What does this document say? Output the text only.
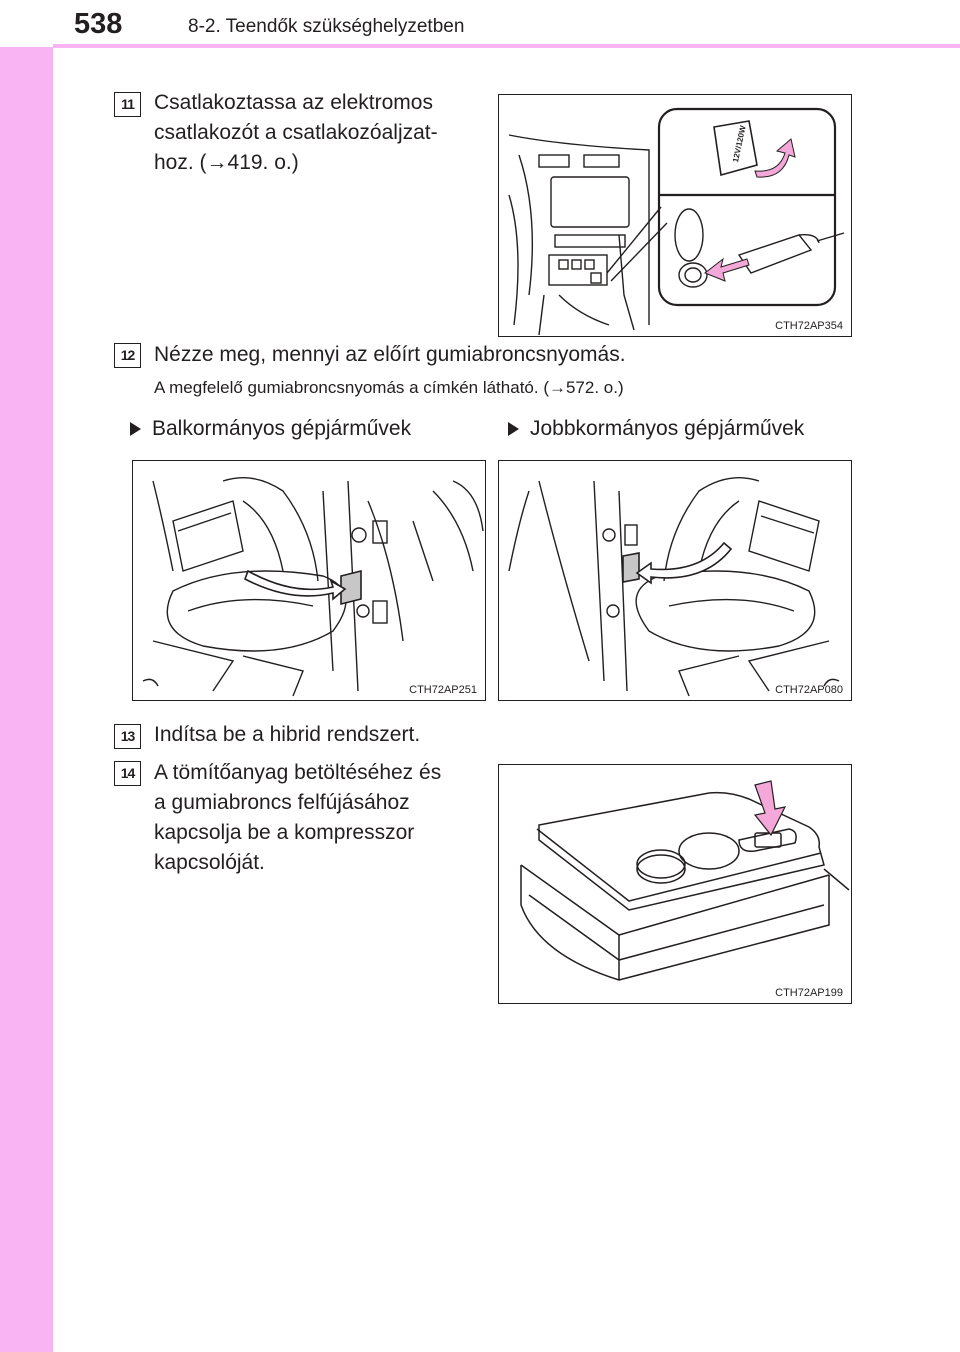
538	8-2. Teendők szükséghelyzetben
11 Csatlakoztassa az elektromos
csatlakozót a csatlakozóaljzat-
hoz. (→419. o.)	12V/120W
CTH72AP354
12 Nézze meg, mennyi az előírt gumiabroncsnyomás.
A megfelelő gumiabroncsnyomás a címkén látható. (→572. o.)
Balkormányos gépjárművek	Jobbkormányos gépjárművek
CTH72AP251	CTH72AP080
13 Indítsa be a hibrid rendszert.
14 A tömítőanyag betöltéséhez és
a gumiabroncs felfújásához
kapcsolja be a kompresszor
kapcsolóját.
CTH72AP199
